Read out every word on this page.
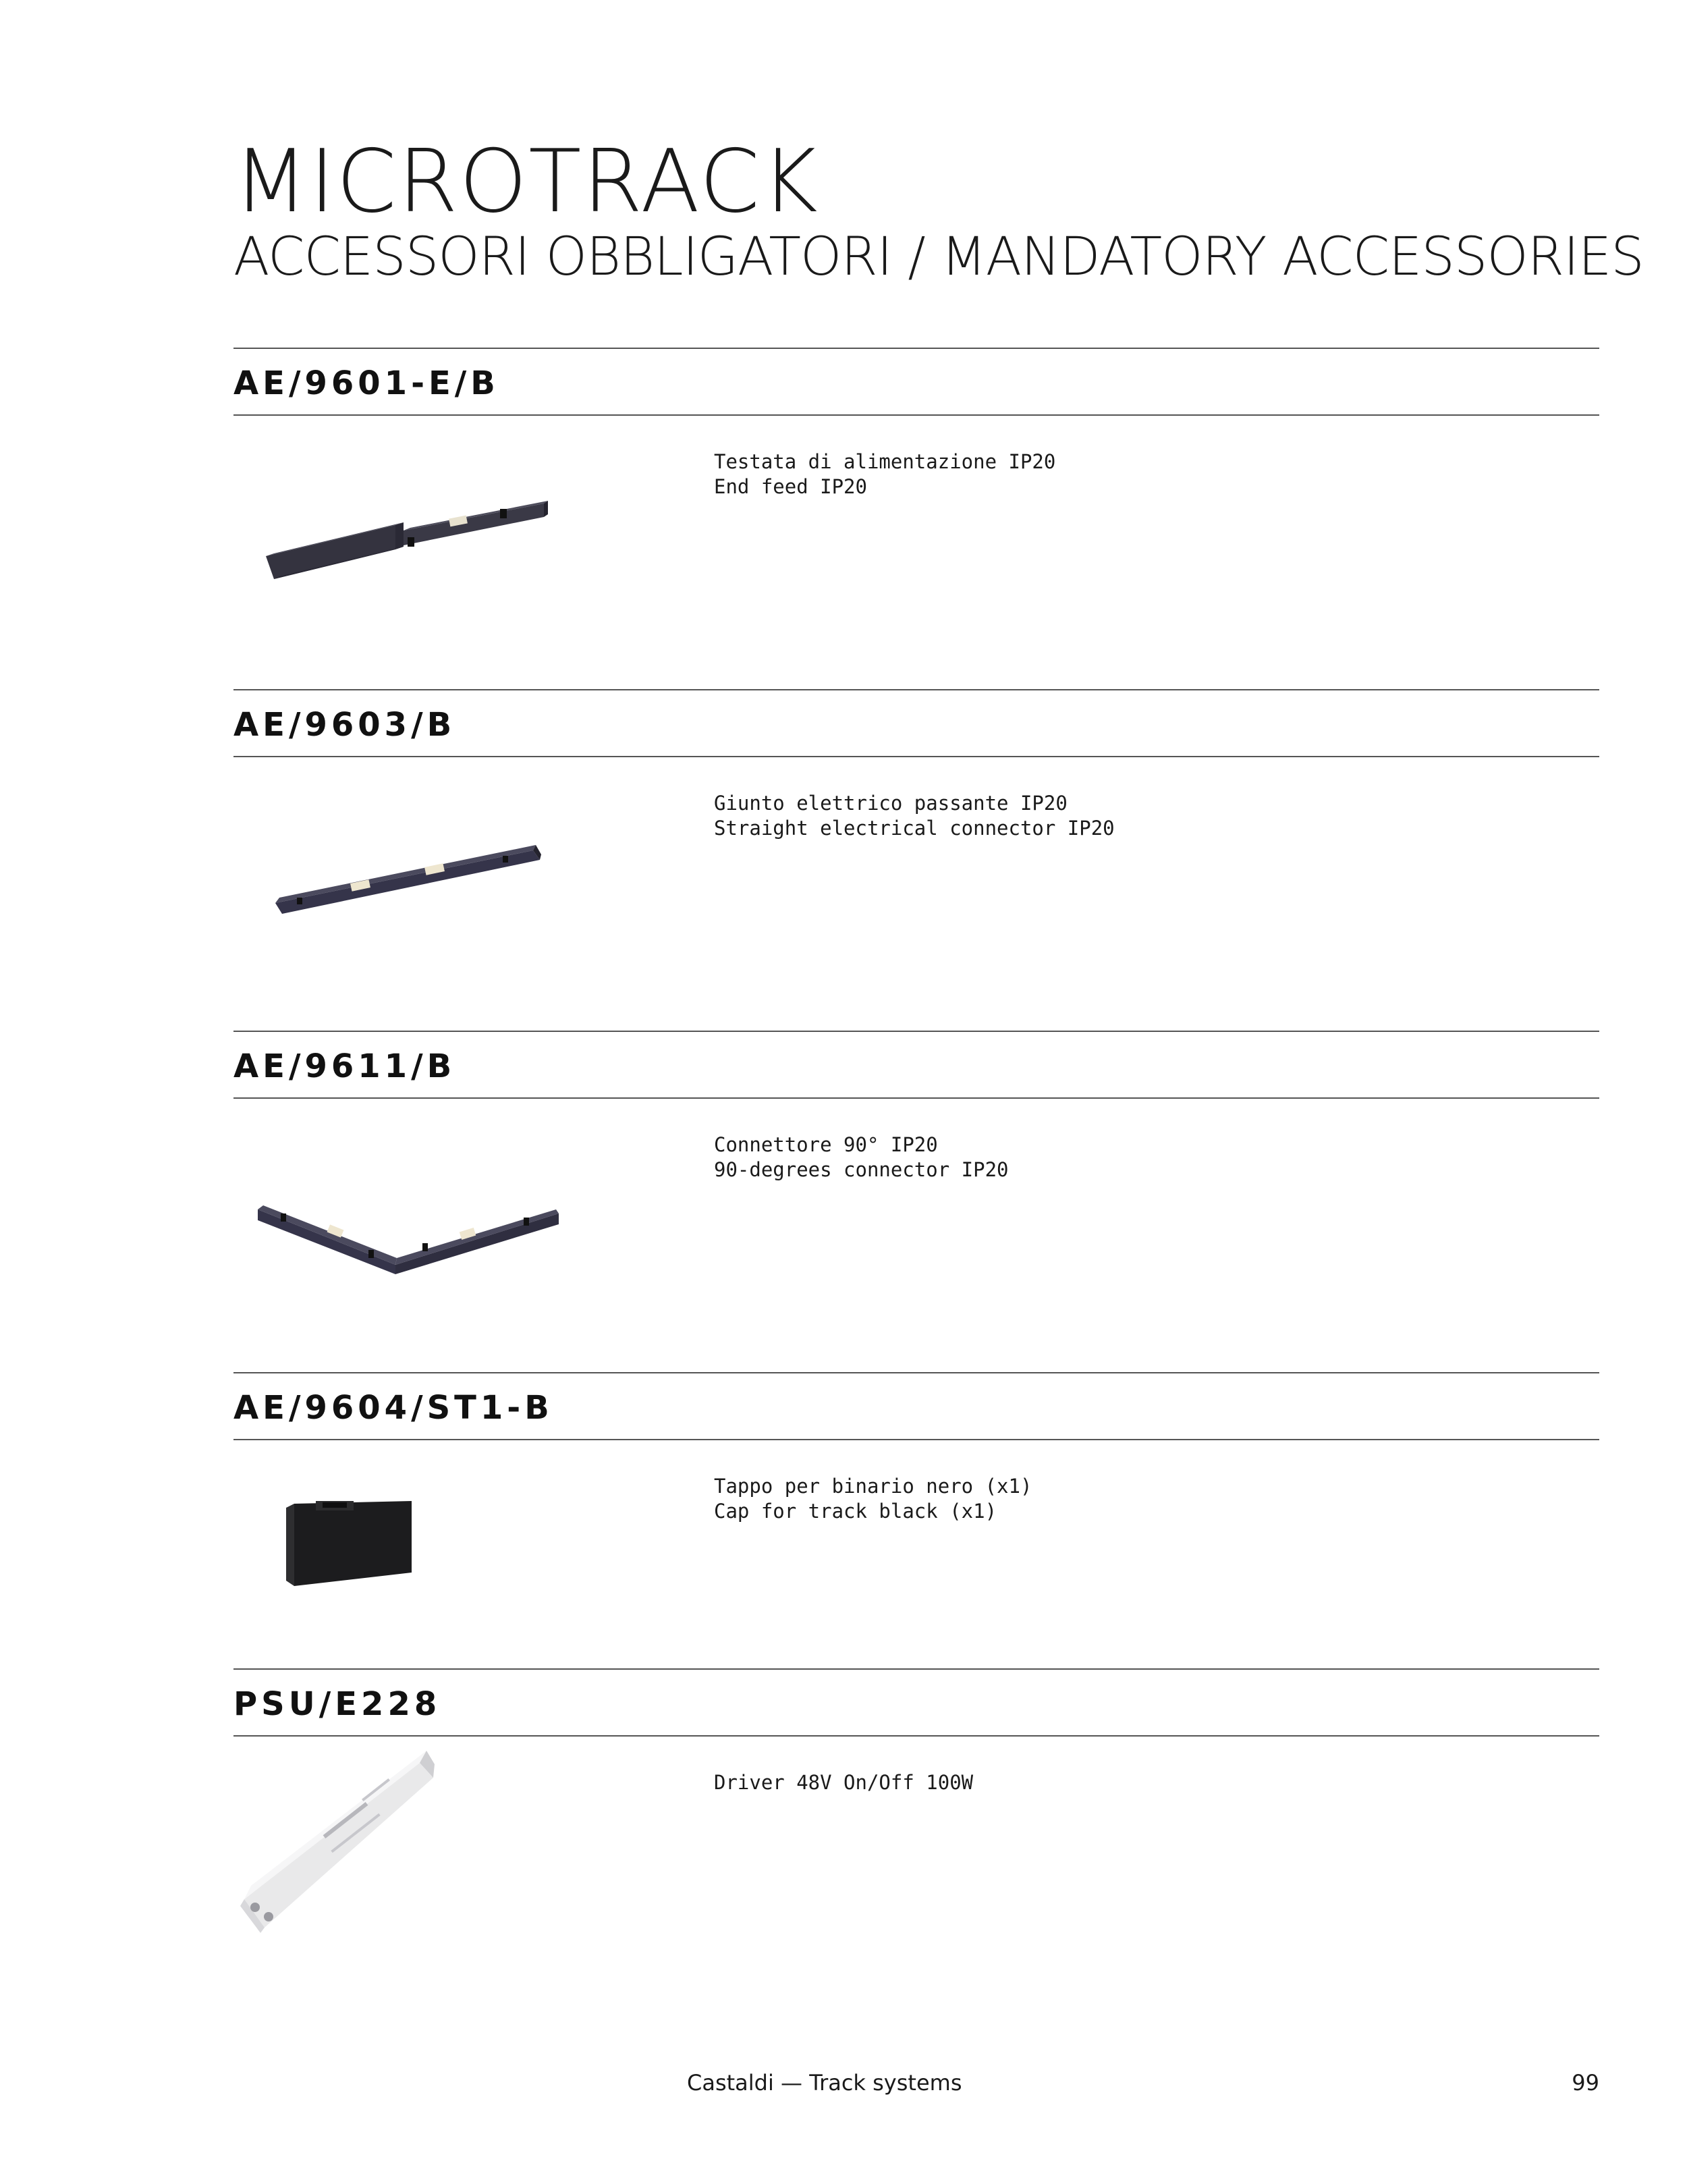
MICROTRACK
ACCESSORI OBBLIGATORI / MANDATORY ACCESSORIES
AE/9601-E/B
Testata di alimentazione IP20
End feed IP20
AE/9603/B
Giunto elettrico passante IP20
Straight electrical connector IP20
AE/9611/B
Connettore 90° IP20
90-degrees connector IP20
AE/9604/ST1-B
Tappo per binario nero (x1)
Cap for track black (x1)
PSU/E228
Driver 48V On/Off 100W
Castaldi — Track systems	99
